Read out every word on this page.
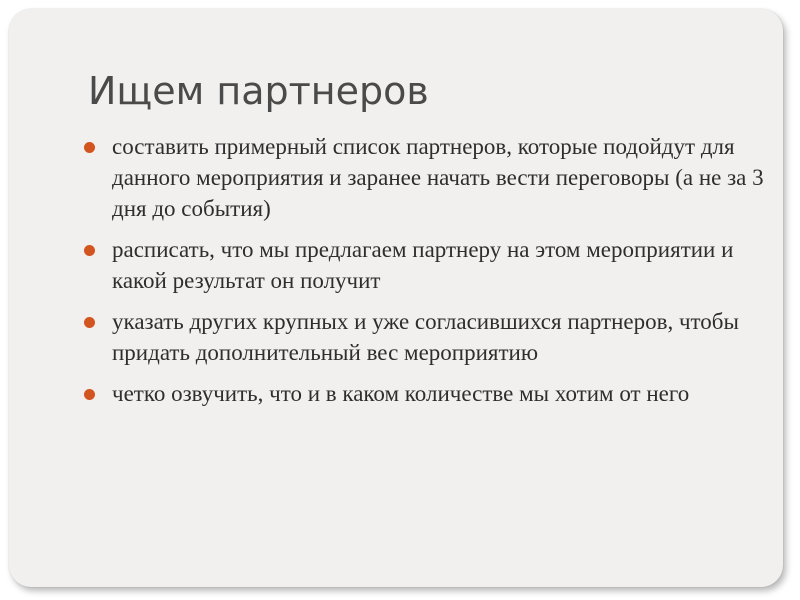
Ищем партнеров
составить примерный список партнеров, которые подойдут для данного мероприятия и заранее начать вести переговоры (а не за 3 дня до события)
расписать, что мы предлагаем партнеру на этом мероприятии и какой результат он получит
указать других крупных и уже согласившихся партнеров, чтобы придать дополнительный вес мероприятию
четко озвучить, что и в каком количестве мы хотим от него
